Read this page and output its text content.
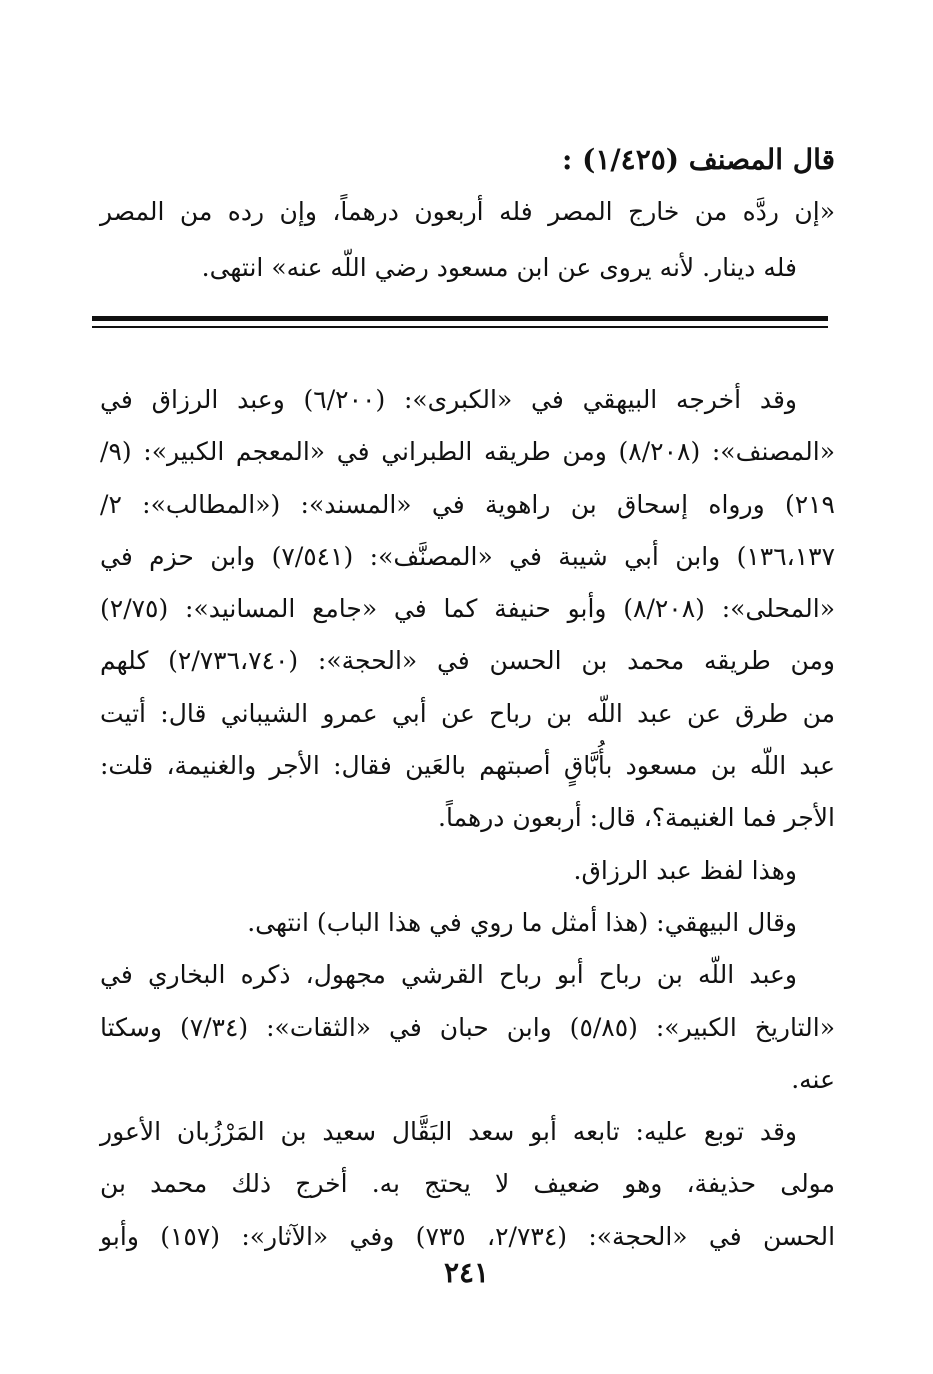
قال المصنف (١/٤٢٥) :
«إن ردَّه من خارج المصر فله أربعون درهماً، وإن رده من المصر
فله دينار. لأنه يروى عن ابن مسعود رضي اللّه عنه» انتهى.
وقد أخرجه البيهقي في «الكبرى»: (٦/٢٠٠) وعبد الرزاق في
«المصنف»: (٨/٢٠٨) ومن طريقه الطبراني في «المعجم الكبير»: (٩/
٢١٩) ورواه إسحاق بن راهوية في «المسند»: («المطالب»: ٢/
١٣٦،١٣٧) وابن أبي شيبة في «المصنَّف»: (٧/٥٤١) وابن حزم في
«المحلى»: (٨/٢٠٨) وأبو حنيفة كما في «جامع المسانيد»: (٢/٧٥)
ومن طريقه محمد بن الحسن في «الحجة»: (٢/٧٣٦،٧٤٠) كلهم
من طرق عن عبد اللّه بن رباح عن أبي عمرو الشيباني قال: أتيت
عبد اللّه بن مسعود بأُبَّاقٍ أصبتهم بالعَين فقال: الأجر والغنيمة، قلت:
الأجر فما الغنيمة؟، قال: أربعون درهماً.
وهذا لفظ عبد الرزاق.
وقال البيهقي: (هذا أمثل ما روي في هذا الباب) انتهى.
وعبد اللّه بن رباح أبو رباح القرشي مجهول، ذكره البخاري في
«التاريخ الكبير»: (٥/٨٥) وابن حبان في «الثقات»: (٧/٣٤) وسكتا
عنه.
وقد توبع عليه: تابعه أبو سعد البَقَّال سعيد بن المَرْزُبان الأعور
مولى حذيفة، وهو ضعيف لا يحتج به. أخرج ذلك محمد بن
الحسن في «الحجة»: (٢/٧٣٤، ٧٣٥) وفي «الآثار»: (١٥٧) وأبو
٢٤١
